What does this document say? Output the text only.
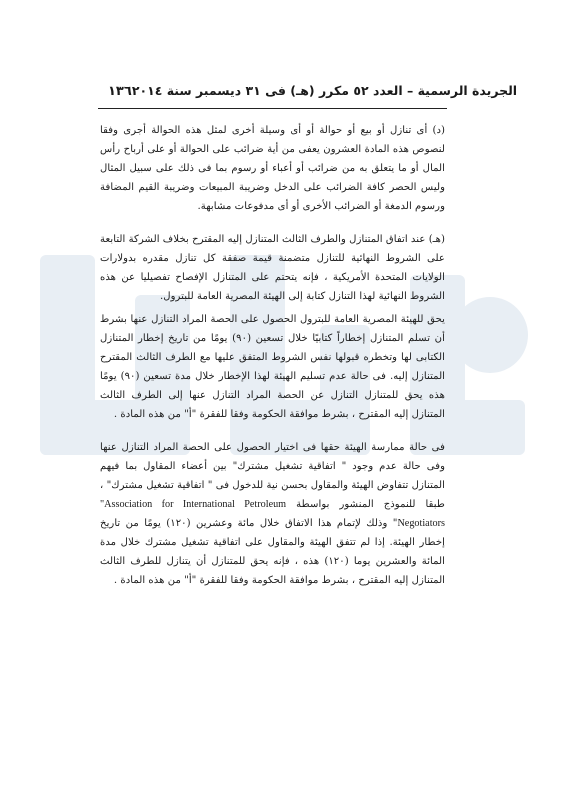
١٣٦ الجريدة الرسمية – العدد ٥٢ مكرر (هـ) فى ٣١ ديسمبر سنة ٢٠١٤

(د) أى تنازل أو بيع أو حوالة أو أى وسيلة أخرى لمثل هذه الحوالة أجرى وفقا لنصوص هذه المادة العشرون يعفى من أية ضرائب على الحوالة أو على أرباح رأس المال أو ما يتعلق به من ضرائب أو أعباء أو رسوم بما فى ذلك على سبيل المثال وليس الحصر كافة الضرائب على الدخل وضريبة المبيعات وضريبة القيم المضافة ورسوم الدمغة أو الضرائب الأخرى أو أى مدفوعات مشابهة.

(هـ) عند اتفاق المتنازل والطرف الثالث المتنازل إليه المقترح بخلاف الشركة التابعة على الشروط النهائية للتنازل متضمنة قيمة صفقة كل تنازل مقدره بدولارات الولايات المتحدة الأمريكية ، فإنه يتحتم على المتنازل الإفصاح تفصيليا عن هذه الشروط النهائية لهذا التنازل كتابة إلى الهيئة المصرية العامة للبترول.

يحق للهيئة المصرية العامة للبترول الحصول على الحصة المراد التنازل عنها بشرط أن تسلم المتنازل إخطاراً كتابيًا خلال تسعين (٩٠) يومًا من تاريخ إخطار المتنازل الكتابى لها وتخطره قبولها نفس الشروط المتفق عليها مع الطرف الثالث المقترح المتنازل إليه. فى حالة عدم تسليم الهيئة لهذا الإخطار خلال مدة تسعين (٩٠) يومًا هذه يحق للمتنازل التنازل عن الحصة المراد التنازل عنها إلى الطرف الثالث المتنازل إليه المقترح ، بشرط موافقة الحكومة وفقا للفقرة "أ" من هذه المادة .

فى حالة ممارسة الهيئة حقها فى اختيار الحصول على الحصة المراد التنازل عنها وفى حالة عدم وجود " اتفاقية تشغيل مشترك" بين أعضاء المقاول بما فيهم المتنازل تتفاوض الهيئة والمقاول بحسن نية للدخول فى " اتفاقية تشغيل مشترك" ، طبقا للنموذج المنشور بواسطة "Association for International Petroleum Negotiators" وذلك لإتمام هذا الاتفاق خلال مائة وعشرين (١٢٠) يومًا من تاريخ إخطار الهيئة. إذا لم تتفق الهيئة والمقاول على اتفاقية تشغيل مشترك خلال مدة المائة والعشرين يوما (١٢٠) هذه ، فإنه يحق للمتنازل أن يتنازل للطرف الثالث المتنازل إليه المقترح ، بشرط موافقة الحكومة وفقا للفقرة "أ" من هذه المادة .
